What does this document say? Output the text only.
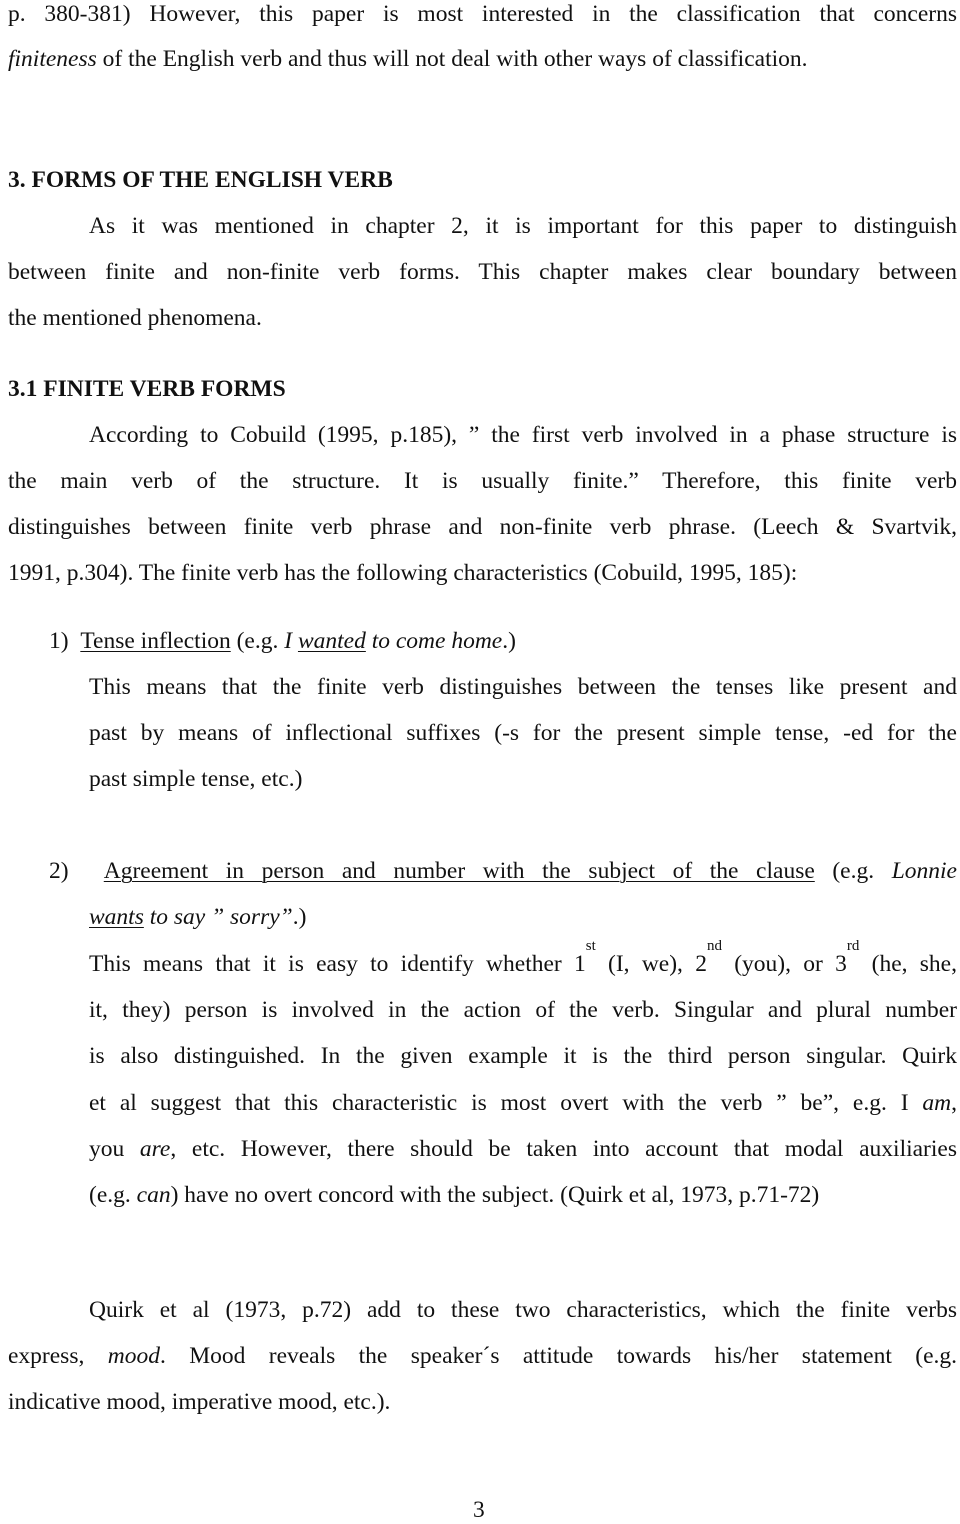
p. 380-381) However, this paper is most interested in the classification that concerns
finiteness of the English verb and thus will not deal with other ways of classification.
3. FORMS OF THE ENGLISH VERB
As it was mentioned in chapter 2, it is important for this paper to distinguish
between finite and non-finite verb forms. This chapter makes clear boundary between
the mentioned phenomena.
3.1 FINITE VERB FORMS
According to Cobuild (1995, p.185), ” the first verb involved in a phase structure is
the main verb of the structure. It is usually finite.” Therefore, this finite verb
distinguishes between finite verb phrase and non-finite verb phrase. (Leech & Svartvik,
1991, p.304). The finite verb has the following characteristics (Cobuild, 1995, 185):
1) Tense inflection (e.g. I wanted to come home.)
This means that the finite verb distinguishes between the tenses like present and
past by means of inflectional suffixes (-s for the present simple tense, -ed for the
past simple tense, etc.)
2) Agreement in person and number with the subject of the clause (e.g. Lonnie
wants to say ” sorry”.)
This means that it is easy to identify whether 1st (I, we), 2nd (you), or 3rd (he, she,
it, they) person is involved in the action of the verb. Singular and plural number
is also distinguished. In the given example it is the third person singular. Quirk
et al suggest that this characteristic is most overt with the verb ” be”, e.g. I am,
you are, etc. However, there should be taken into account that modal auxiliaries
(e.g. can) have no overt concord with the subject. (Quirk et al, 1973, p.71-72)
Quirk et al (1973, p.72) add to these two characteristics, which the finite verbs
express, mood. Mood reveals the speaker´s attitude towards his/her statement (e.g.
indicative mood, imperative mood, etc.).
3
